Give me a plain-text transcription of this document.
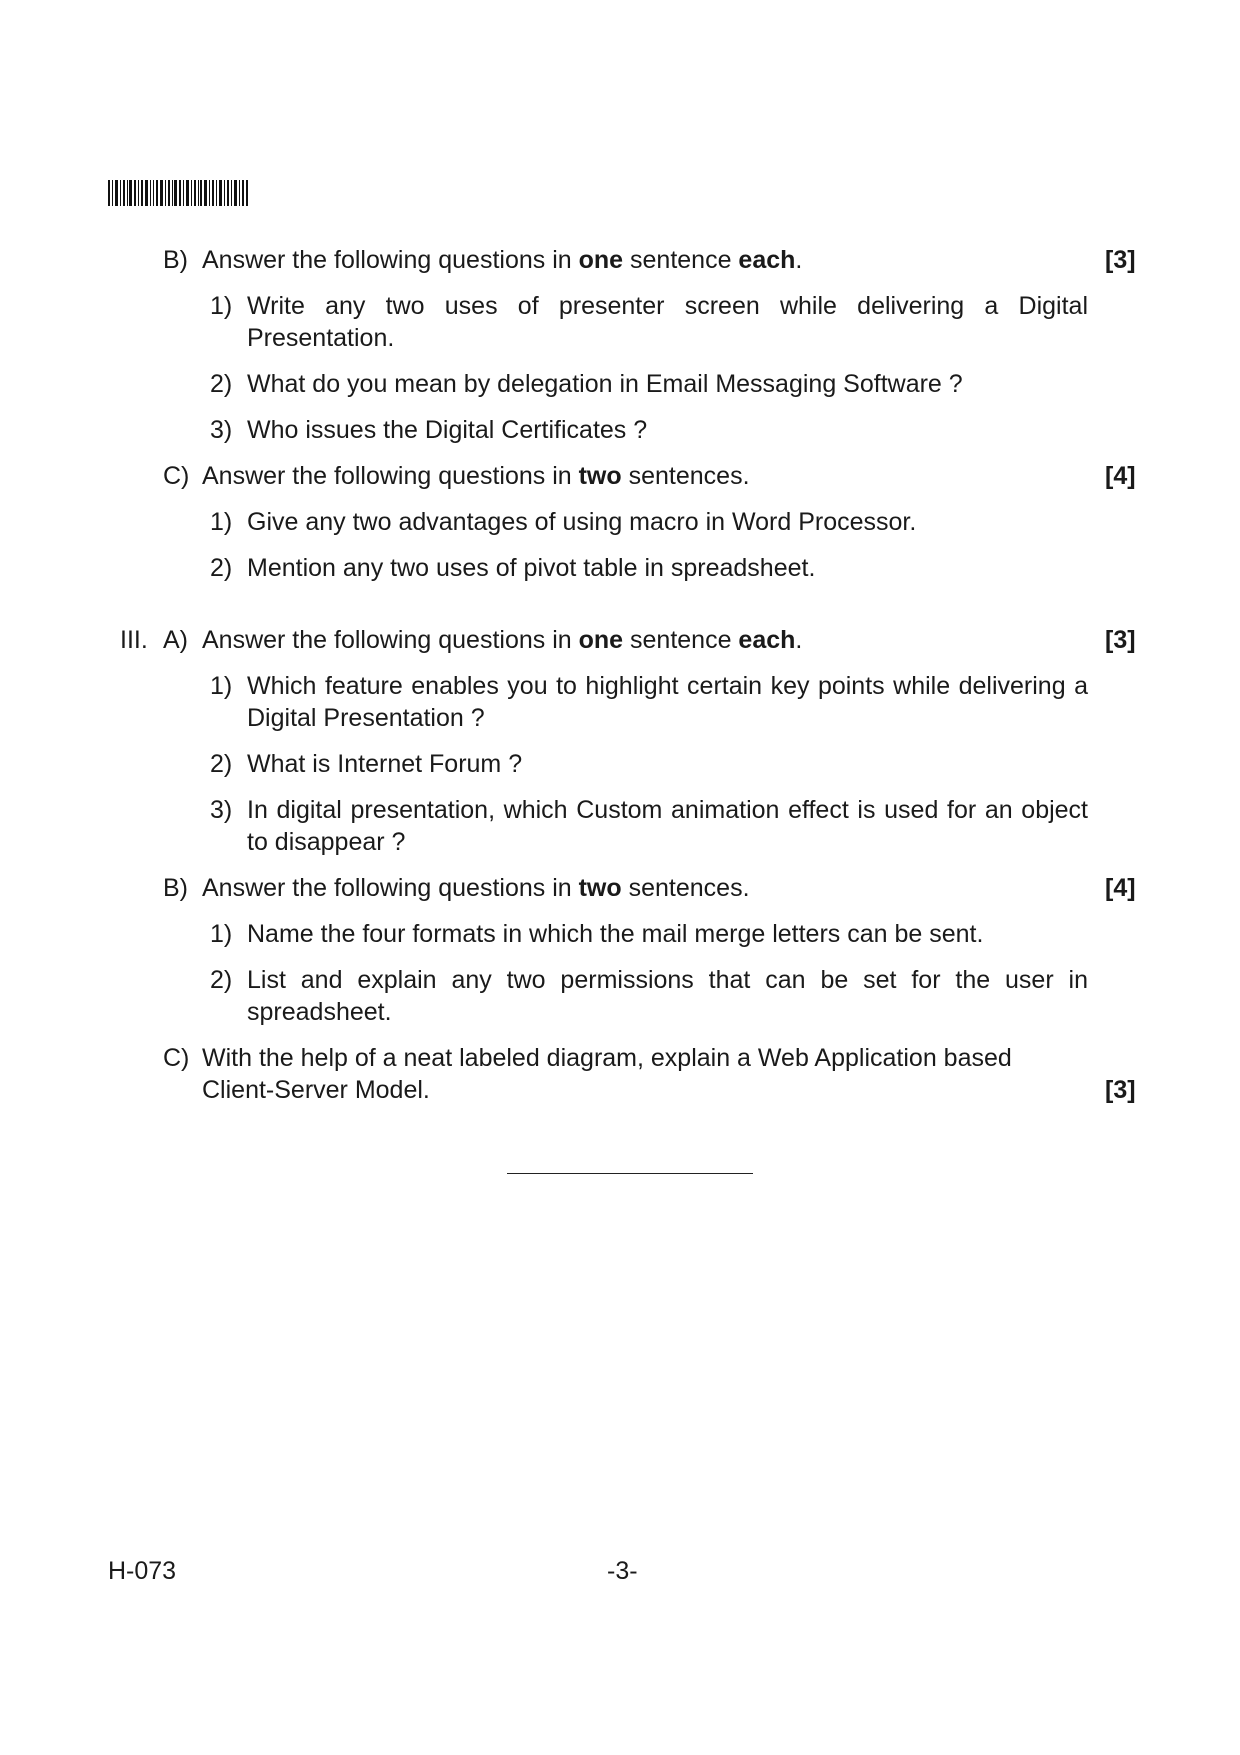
B) Answer the following questions in one sentence each.	[3]
1) Write any two uses of presenter screen while delivering a Digital Presentation.
2) What do you mean by delegation in Email Messaging Software ?
3) Who issues the Digital Certificates ?
C) Answer the following questions in two sentences.	[4]
1) Give any two advantages of using macro in Word Processor.
2) Mention any two uses of pivot table in spreadsheet.
III. A) Answer the following questions in one sentence each.	[3]
1) Which feature enables you to highlight certain key points while delivering a Digital Presentation ?
2) What is Internet Forum ?
3) In digital presentation, which Custom animation effect is used for an object to disappear ?
B) Answer the following questions in two sentences.	[4]
1) Name the four formats in which the mail merge letters can be sent.
2) List and explain any two permissions that can be set for the user in spreadsheet.
C) With the help of a neat labeled diagram, explain a Web Application based
Client-Server Model.	[3]
H-073	-3-
